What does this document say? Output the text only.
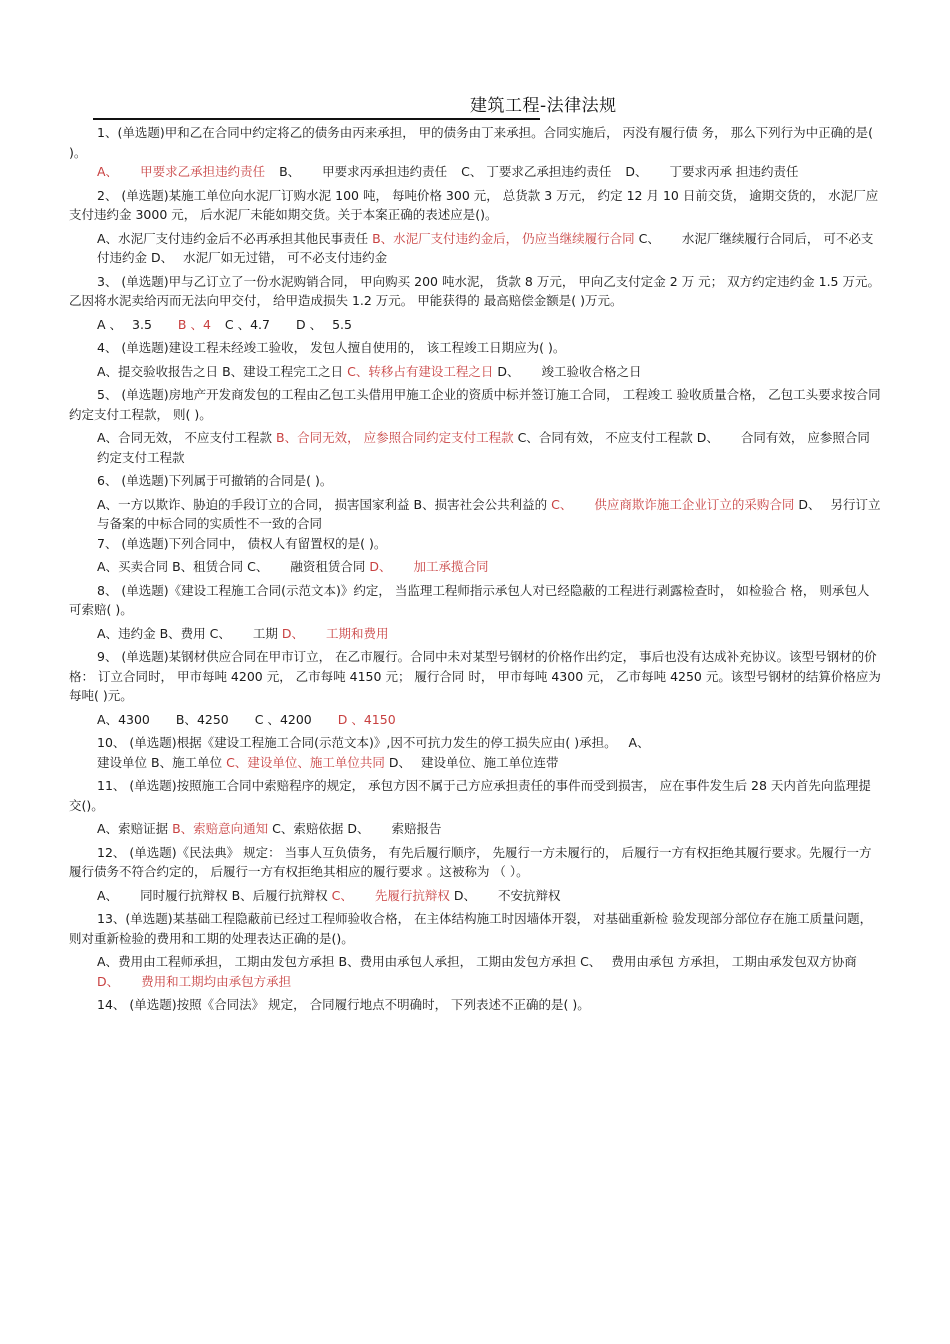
建筑工程-法律法规

1、(单选题)甲和乙在合同中约定将乙的债务由丙来承担， 甲的债务由丁来承担。合同实施后， 丙没有履行债 务， 那么下列行为中正确的是( )。

A、 甲要求乙承担违约责任 B、 甲要求丙承担违约责任 C、 丁要求乙承担违约责任 D、 丁要求丙承 担违约责任

2、 (单选题)某施工单位向水泥厂订购水泥 100 吨， 每吨价格 300 元， 总货款 3 万元， 约定 12 月 10 日前交货， 逾期交货的， 水泥厂应支付违约金 3000 元， 后水泥厂未能如期交货。关于本案正确的表述应是()。

A、水泥厂支付违约金后不必再承担其他民事责任 B、水泥厂支付违约金后， 仍应当继续履行合同 C、 水泥厂继续履行合同后， 可不必支付违约金 D、 水泥厂如无过错， 可不必支付违约金

3、 (单选题)甲与乙订立了一份水泥购销合同， 甲向购买 200 吨水泥， 货款 8 万元， 甲向乙支付定金 2 万 元； 双方约定违约金 1.5 万元。 乙因将水泥卖给丙而无法向甲交付， 给甲造成损失 1.2 万元。 甲能获得的 最高赔偿金额是( )万元。

A 、 3.5 B 、4 C 、4.7 D 、 5.5

4、 (单选题)建设工程未经竣工验收， 发包人擅自使用的， 该工程竣工日期应为( )。

A、提交验收报告之日 B、建设工程完工之日 C、转移占有建设工程之日 D、 竣工验收合格之日

5、 (单选题)房地产开发商发包的工程由乙包工头借用甲施工企业的资质中标并签订施工合同， 工程竣工 验收质量合格， 乙包工头要求按合同约定支付工程款， 则( )。

A、合同无效， 不应支付工程款 B、合同无效， 应参照合同约定支付工程款 C、合同有效， 不应支付工程款 D、 合同有效， 应参照合同约定支付工程款

6、 (单选题)下列属于可撤销的合同是( )。

A、一方以欺诈、胁迫的手段订立的合同， 损害国家利益 B、损害社会公共利益的 C、 供应商欺诈施工企业订立的采购合同 D、 另行订立与备案的中标合同的实质性不一致的合同

7、 (单选题)下列合同中， 债权人有留置权的是( )。

A、买卖合同 B、租赁合同 C、 融资租赁合同 D、 加工承揽合同

8、 (单选题)《建设工程施工合同(示范文本)》约定， 当监理工程师指示承包人对已经隐蔽的工程进行剥露检查时， 如检验合 格， 则承包人可索赔( )。

A、违约金 B、费用 C、 工期 D、 工期和费用

9、 (单选题)某钢材供应合同在甲市订立， 在乙市履行。合同中未对某型号钢材的价格作出约定， 事后也没有达成补充协议。该型号钢材的价格： 订立合同时， 甲市每吨 4200 元， 乙市每吨 4150 元； 履行合同 时， 甲市每吨 4300 元， 乙市每吨 4250 元。该型号钢材的结算价格应为每吨( )元。

A、4300 B、4250 C 、4200 D 、4150

10、 (单选题)根据《建设工程施工合同(示范文本)》,因不可抗力发生的停工损失应由( )承担。 A、

建设单位 B、施工单位 C、建设单位、施工单位共同 D、 建设单位、施工单位连带

11、 (单选题)按照施工合同中索赔程序的规定， 承包方因不属于己方应承担责任的事件而受到损害， 应在事件发生后 28 天内首先向监理提交()。

A、索赔证据 B、索赔意向通知 C、索赔依据 D、 索赔报告

12、 (单选题)《民法典》 规定： 当事人互负债务， 有先后履行顺序， 先履行一方未履行的， 后履行一方有权拒绝其履行要求。先履行一方履行债务不符合约定的， 后履行一方有权拒绝其相应的履行要求 。这被称为 （ ）。

A、 同时履行抗辩权 B、后履行抗辩权 C、 先履行抗辩权 D、 不安抗辩权

13、(单选题)某基础工程隐蔽前已经过工程师验收合格， 在主体结构施工时因墙体开裂， 对基础重新检 验发现部分部位存在施工质量问题， 则对重新检验的费用和工期的处理表达正确的是()。

A、费用由工程师承担， 工期由发包方承担 B、费用由承包人承担， 工期由发包方承担 C、 费用由承包 方承担， 工期由承发包双方协商 D、 费用和工期均由承包方承担

14、 (单选题)按照《合同法》 规定， 合同履行地点不明确时， 下列表述不正确的是( )。
